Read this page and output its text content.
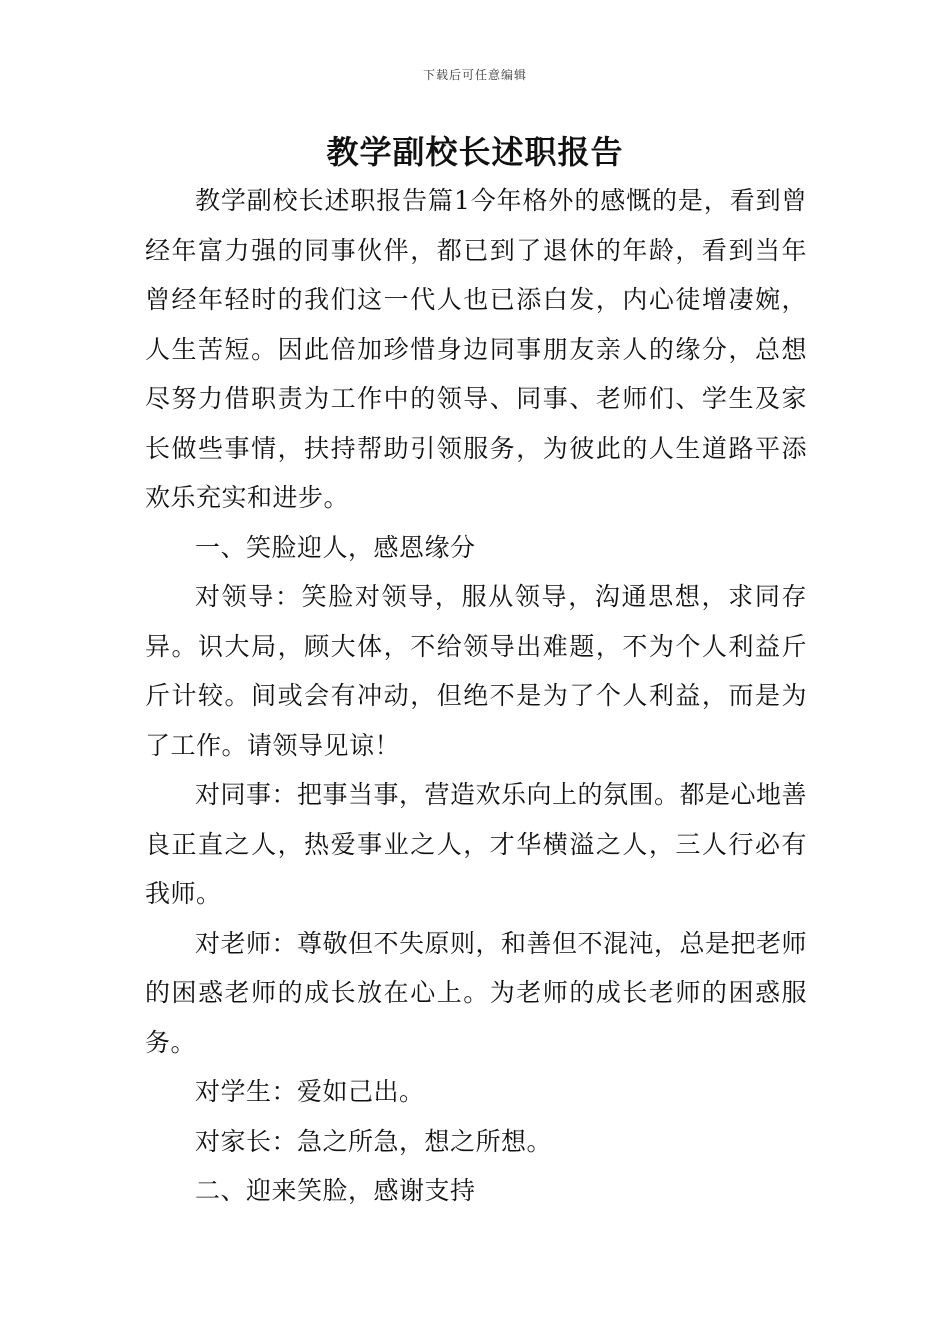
下载后可任意编辑
教学副校长述职报告

教学副校长述职报告篇1今年格外的感慨的是，看到曾经年富力强的同事伙伴，都已到了退休的年龄，看到当年曾经年轻时的我们这一代人也已添白发，内心徒增凄婉，人生苦短。因此倍加珍惜身边同事朋友亲人的缘分，总想尽努力借职责为工作中的领导、同事、老师们、学生及家长做些事情，扶持帮助引领服务，为彼此的人生道路平添欢乐充实和进步。

一、笑脸迎人，感恩缘分

对领导：笑脸对领导，服从领导，沟通思想，求同存异。识大局，顾大体，不给领导出难题，不为个人利益斤斤计较。间或会有冲动，但绝不是为了个人利益，而是为了工作。请领导见谅！

对同事：把事当事，营造欢乐向上的氛围。都是心地善良正直之人，热爱事业之人，才华横溢之人，三人行必有我师。

对老师：尊敬但不失原则，和善但不混沌，总是把老师的困惑老师的成长放在心上。为老师的成长老师的困惑服务。

对学生：爱如己出。

对家长：急之所急，想之所想。

二、迎来笑脸，感谢支持
